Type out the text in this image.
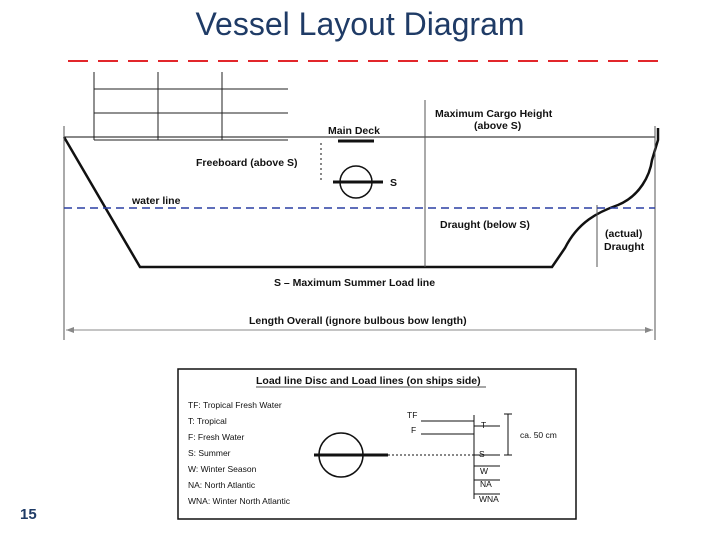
Vessel Layout Diagram
Main Deck
Maximum Cargo Height
(above S)
Freeboard (above S)
S
water line
Draught (below S)
(actual)
Draught
S – Maximum Summer Load line
Length Overall (ignore bulbous bow length)
Load line Disc and Load lines (on ships side)
TF: Tropical Fresh Water
T: Tropical
F: Fresh Water
S: Summer
W: Winter Season
NA: North Atlantic
WNA: Winter North Atlantic
TF
F	T
S
W
NA
WNA
ca. 50 cm
15
